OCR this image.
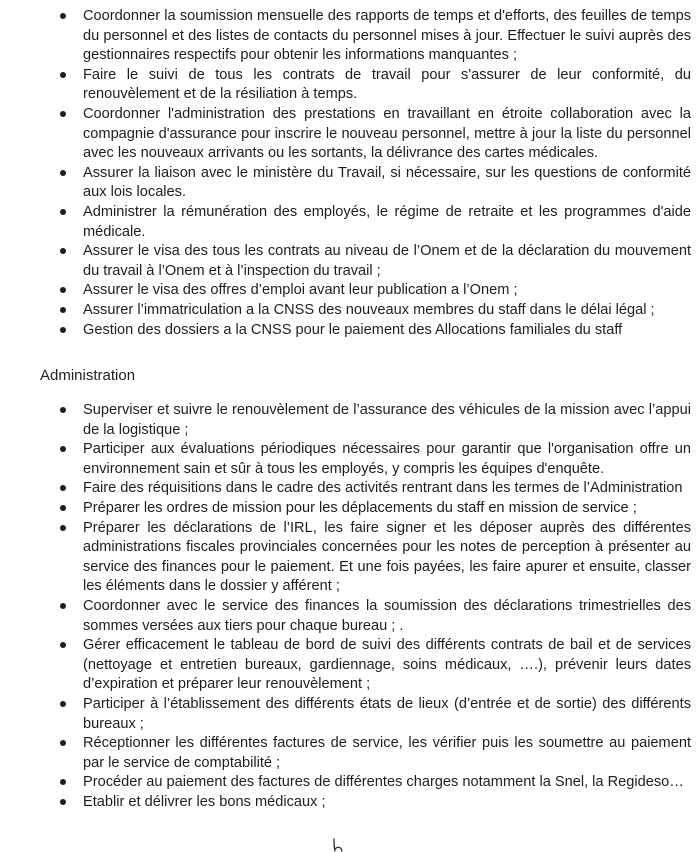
Coordonner la soumission mensuelle des rapports de temps et d'efforts, des feuilles de temps du personnel et des listes de contacts du personnel mises à jour. Effectuer le suivi auprès des gestionnaires respectifs pour obtenir les informations manquantes ;
Faire le suivi de tous les contrats de travail pour s'assurer de leur conformité, du renouvèlement et de la résiliation à temps.
Coordonner l'administration des prestations en travaillant en étroite collaboration avec la compagnie d'assurance pour inscrire le nouveau personnel, mettre à jour la liste du personnel avec les nouveaux arrivants ou les sortants, la délivrance des cartes médicales.
Assurer la liaison avec le ministère du Travail, si nécessaire, sur les questions de conformité aux lois locales.
Administrer la rémunération des employés, le régime de retraite et les programmes d'aide médicale.
Assurer le visa des tous les contrats au niveau de l’Onem et de la déclaration du mouvement du travail à l’Onem et à l’inspection du travail ;
Assurer le visa des offres d’emploi avant leur publication a l’Onem ;
Assurer l’immatriculation a la CNSS des nouveaux membres du staff dans le délai légal ;
Gestion des dossiers a la CNSS pour le paiement des Allocations familiales du staff
Administration
Superviser et suivre le renouvèlement de l’assurance des véhicules de la mission avec l’appui de la logistique ;
Participer aux évaluations périodiques nécessaires pour garantir que l'organisation offre un environnement sain et sûr à tous les employés, y compris les équipes d'enquête.
Faire des réquisitions dans le cadre des activités rentrant dans les termes de l’Administration
Préparer les ordres de mission pour les déplacements du staff en mission de service ;
Préparer les déclarations de l’IRL, les faire signer et les déposer auprès des différentes administrations fiscales provinciales concernées pour les notes de perception à présenter au service des finances pour le paiement. Et une fois payées, les faire apurer et ensuite, classer les éléments dans le dossier y afférent ;
Coordonner avec le service des finances la soumission des déclarations trimestrielles des sommes versées aux tiers pour chaque bureau ; .
Gérer efficacement le tableau de bord de suivi des différents contrats de bail et de services (nettoyage et entretien bureaux, gardiennage, soins médicaux, ….), prévenir leurs dates d’expiration et préparer leur renouvèlement ;
Participer à l’établissement des différents états de lieux (d’entrée et de sortie) des différents bureaux ;
Réceptionner les différentes factures de service, les vérifier puis les soumettre au paiement par le service de comptabilité ;
Procéder au paiement des factures de différentes charges notamment la Snel, la Regideso…
Etablir et délivrer les bons médicaux ;
